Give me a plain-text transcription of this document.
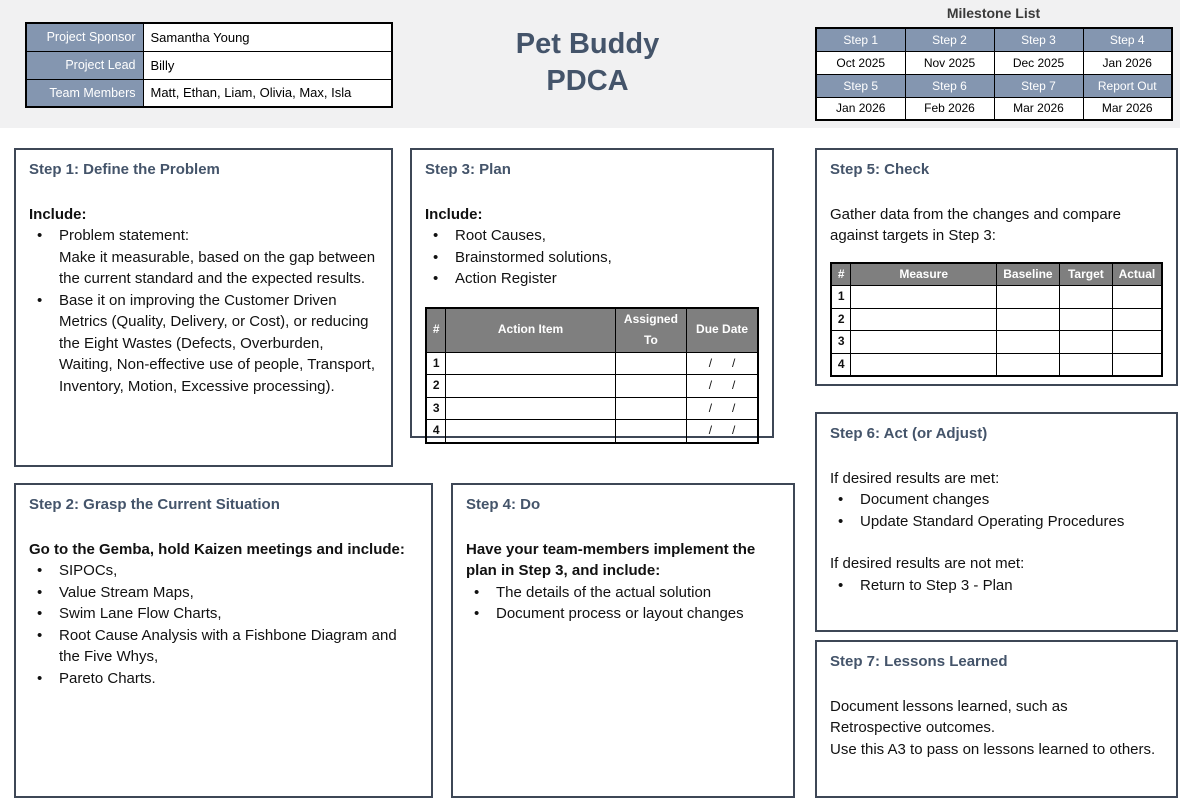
Project Sponsor	Samantha Young
Project Lead	Billy
Team Members	Matt, Ethan, Liam, Olivia, Max, Isla
Pet Buddy
PDCA
Milestone List
Step 1	Step 2	Step 3	Step 4
Oct 2025	Nov 2025	Dec 2025	Jan 2026
Step 5	Step 6	Step 7	Report Out
Jan 2026	Feb 2026	Mar 2026	Mar 2026
Step 1: Define the Problem
Include:
• Problem statement:
Make it measurable, based on the gap between the current standard and the expected results.
• Base it on improving the Customer Driven Metrics (Quality, Delivery, or Cost), or reducing the Eight Wastes (Defects, Overburden, Waiting, Non-effective use of people, Transport, Inventory, Motion, Excessive processing).
Step 2: Grasp the Current Situation
Go to the Gemba, hold Kaizen meetings and include:
• SIPOCs,
• Value Stream Maps,
• Swim Lane Flow Charts,
• Root Cause Analysis with a Fishbone Diagram and the Five Whys,
• Pareto Charts.
Step 3: Plan
Include:
• Root Causes,
• Brainstormed solutions,
• Action Register
#	Action Item	Assigned To	Due Date
1			/      /
2			/      /
3			/      /
4			/      /
Step 4: Do
Have your team-members implement the plan in Step 3, and include:
• The details of the actual solution
• Document process or layout changes
Step 5: Check
Gather data from the changes and compare against targets in Step 3:
#	Measure	Baseline	Target	Actual
1				
2				
3				
4				
Step 6: Act (or Adjust)
If desired results are met:
• Document changes
• Update Standard Operating Procedures
If desired results are not met:
• Return to Step 3 - Plan
Step 7: Lessons Learned
Document lessons learned, such as Retrospective outcomes.
Use this A3 to pass on lessons learned to others.
